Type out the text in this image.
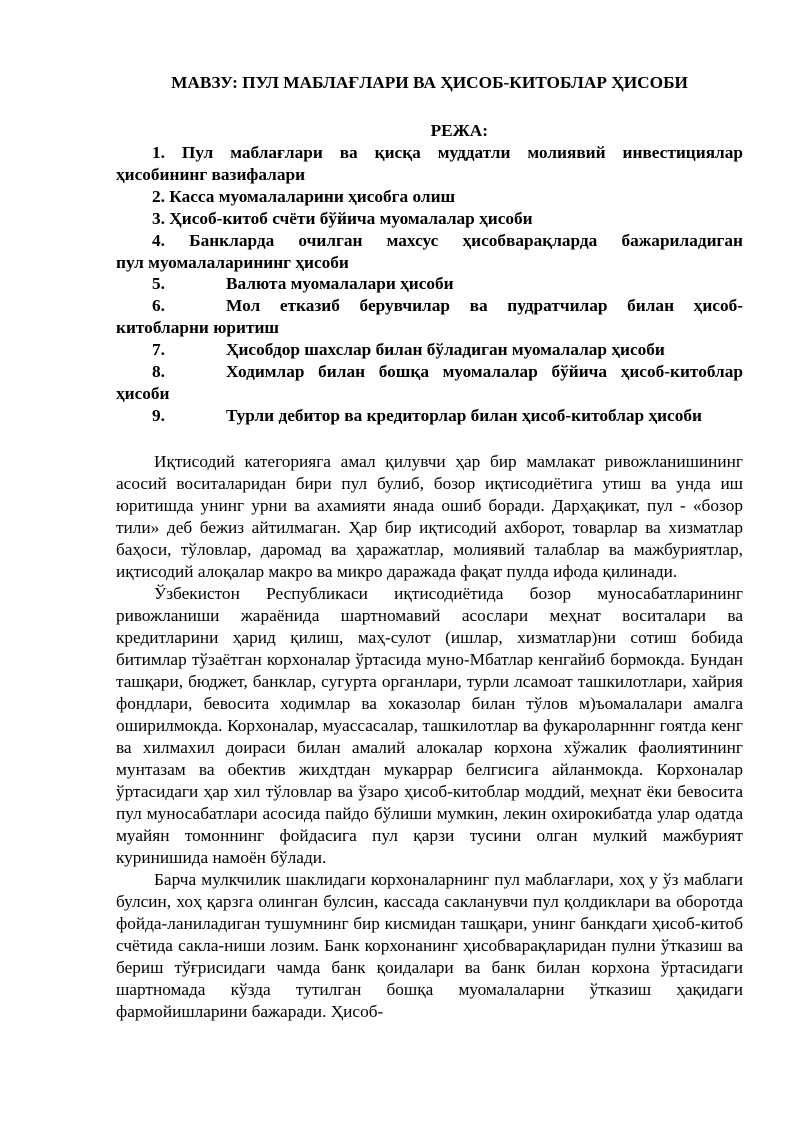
МАВЗУ: ПУЛ МАБЛАҒЛАРИ ВА ҲИСОБ-КИТОБЛАР ҲИСОБИ
РЕЖА:

1. Пул маблағлари ва қисқа муддатли молиявий инвестициялар
ҳисобининг вазифалари

2. Касса муомалаларини ҳисобга олиш

3. Ҳисоб-китоб счёти бўйича муомалалар ҳисоби

4. Банкларда очилган махсус ҳисобварақларда бажариладиган
пул муомалаларининг ҳисоби

5.	Валюта муомалалари ҳисоби

6.	Мол етказиб берувчилар ва пудратчилар билан ҳисоб-
китобларни юритиш

7.	Ҳисобдор шахслар билан бўладиган муомалалар ҳисоби

8.	Ходимлар билан бошқа муомалалар бўйича ҳисоб-китоблар
ҳисоби

9.	Турли дебитор ва кредиторлар билан ҳисоб-китоблар ҳисоби

Иқтисодий категорияга амал қилувчи ҳар бир мамлакат ривожланишининг асосий воситаларидан бири пул булиб, бозор иқтисодиётига утиш ва унда иш юритишда унинг урни ва ахамияти янада ошиб боради. Дарҳақикат, пул - «бозор тили» деб бежиз айтилмаган. Ҳар бир иқтисодий ахборот, товарлар ва хизматлар баҳоси, тўловлар, даромад ва ҳаражатлар, молиявий талаблар ва мажбуриятлар, иқтисодий алоқалар макро ва микро даражада фақат пулда ифода қилинади.

Ўзбекистон Республикаси иқтисодиётида бозор муносабатларининг ривожланиши жараёнида шартномавий асослари меҳнат воситалари ва кредитларини ҳарид қилиш, маҳ-сулот (ишлар, хизматлар)ни сотиш бобида битимлар тўзаётган корхоналар ўртасида муно-Мбатлар кенгайиб бормокда. Бундан ташқари, бюджет, банклар, сугурта органлари, турли лсамоат ташкилотлари, хайрия фондлари, бевосита ходимлар ва хоказолар билан тўлов м)ъомалалари амалга оширилмокда. Корхоналар, муассасалар, ташкилотлар ва фукароларнннг гоятда кенг ва хилмахил доираси билан амалий алокалар корхона хўжалик фаолиятининг мунтазам ва обектив жихдтдан мукаррар белгисига айланмокда. Корхоналар ўртасидаги ҳар хил тўловлар ва ўзаро ҳисоб-китоблар моддий, меҳнат ёки бевосита пул муносабатлари асосида пайдо бўлиши мумкин, лекин охирокибатда улар одатда муайян томоннинг фойдасига пул қарзи тусини олган мулкий мажбурият куринишида намоён бўлади.

Барча мулкчилик шаклидаги корхоналарнинг пул маблағлари, хоҳ у ўз маблаги булсин, хоҳ қарзга олинган булсин, кассада сакланувчи пул қолдиклари ва оборотда фойда-ланиладиган тушумнинг бир кисмидан ташқари, унинг банкдаги ҳисоб-китоб счётида сакла-ниши лозим. Банк корхонанинг ҳисобварақларидан пулни ўтказиш ва бериш тўғрисидаги чамда банк қоидалари ва банк билан корхона ўртасидаги шартномада кўзда тутилган бошқа муомалаларни ўтказиш ҳақидаги фармойишларини бажаради. Ҳисоб-
